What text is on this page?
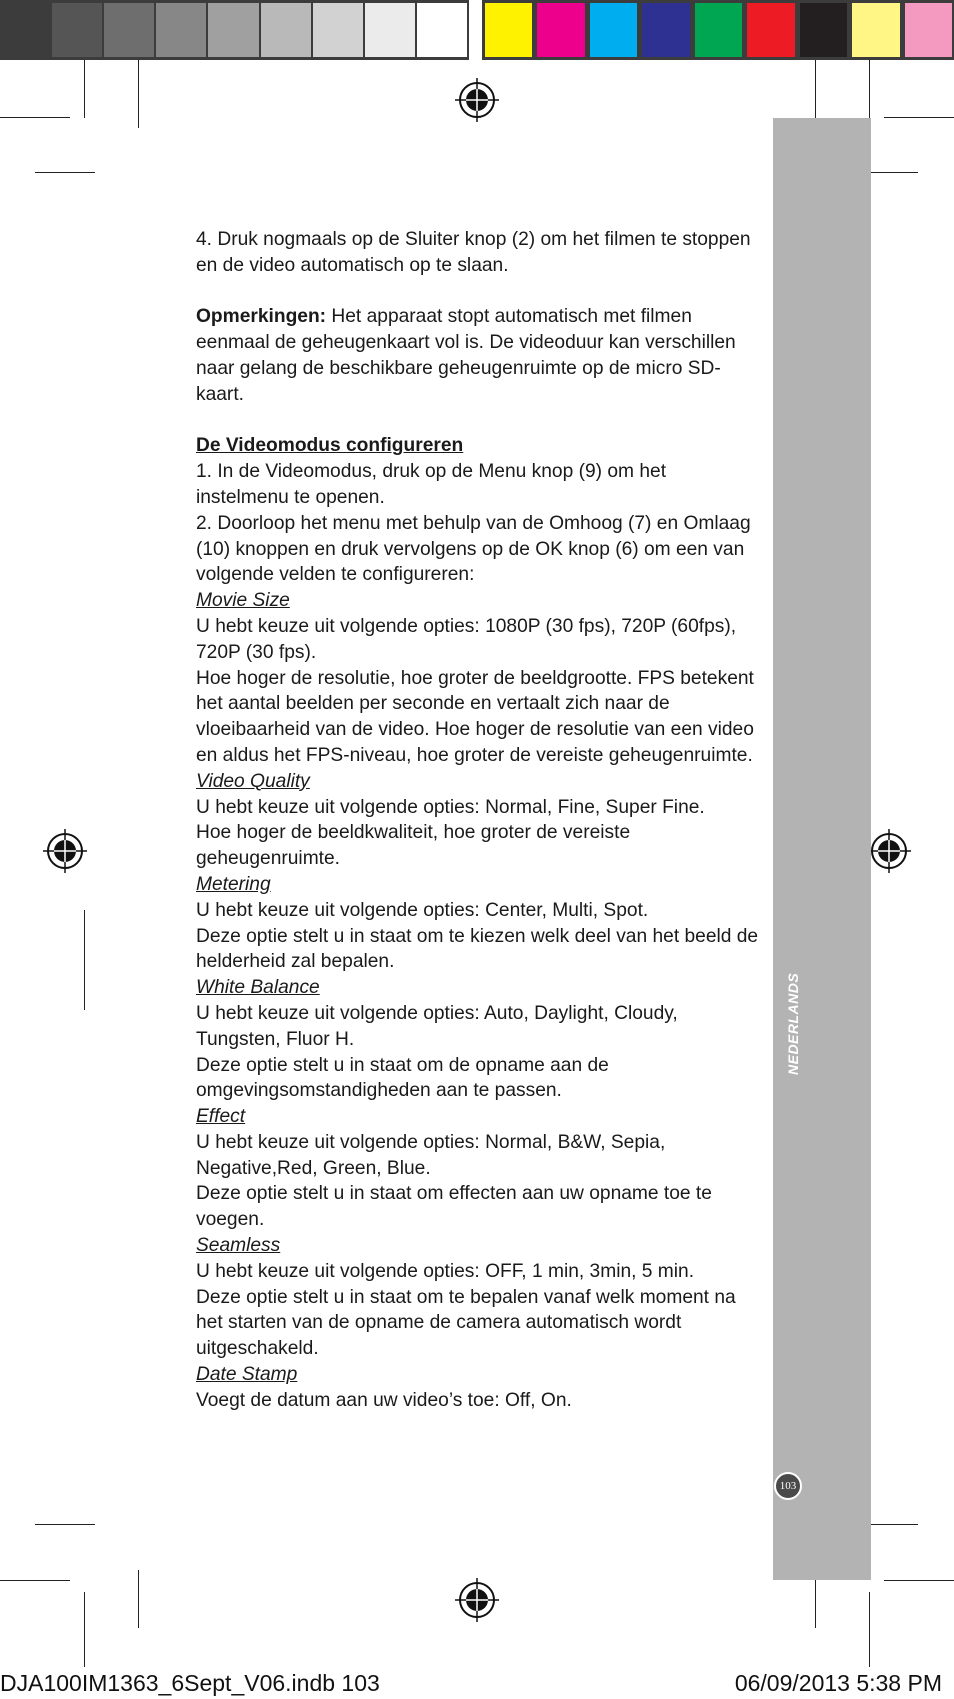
NEDERLANDS
103

4. Druk nogmaals op de Sluiter knop (2) om het filmen te stoppen en de video automatisch op te slaan.

Opmerkingen: Het apparaat stopt automatisch met filmen eenmaal de geheugenkaart vol is. De videoduur kan verschillen naar gelang de beschikbare geheugenruimte op de micro SD-kaart.

De Videomodus configureren

1. In de Videomodus, druk op de Menu knop (9) om het instelmenu te openen.

2. Doorloop het menu met behulp van de Omhoog (7) en Omlaag (10) knoppen en druk vervolgens op de OK knop (6) om een van volgende velden te configureren:

Movie Size

U hebt keuze uit volgende opties: 1080P (30 fps), 720P (60fps), 720P (30 fps).

Hoe hoger de resolutie, hoe groter de beeldgrootte. FPS betekent het aantal beelden per seconde en vertaalt zich naar de vloeibaarheid van de video. Hoe hoger de resolutie van een video en aldus het FPS-niveau, hoe groter de vereiste geheugenruimte.

Video Quality

U hebt keuze uit volgende opties: Normal, Fine, Super Fine.

Hoe hoger de beeldkwaliteit, hoe groter de vereiste geheugenruimte.

Metering

U hebt keuze uit volgende opties: Center, Multi, Spot.

Deze optie stelt u in staat om te kiezen welk deel van het beeld de helderheid zal bepalen.

White Balance

U hebt keuze uit volgende opties: Auto, Daylight, Cloudy, Tungsten, Fluor H.

Deze optie stelt u in staat om de opname aan de omgevingsomstandigheden aan te passen.

Effect

U hebt keuze uit volgende opties: Normal, B&W, Sepia, Negative,Red, Green, Blue.

Deze optie stelt u in staat om effecten aan uw opname toe te voegen.

Seamless

U hebt keuze uit volgende opties: OFF, 1 min, 3min, 5 min.

Deze optie stelt u in staat om te bepalen vanaf welk moment na het starten van de opname de camera automatisch wordt uitgeschakeld.

Date Stamp

Voegt de datum aan uw video’s toe: Off, On.

DJA100IM1363_6Sept_V06.indb 103	06/09/2013 5:38 PM
